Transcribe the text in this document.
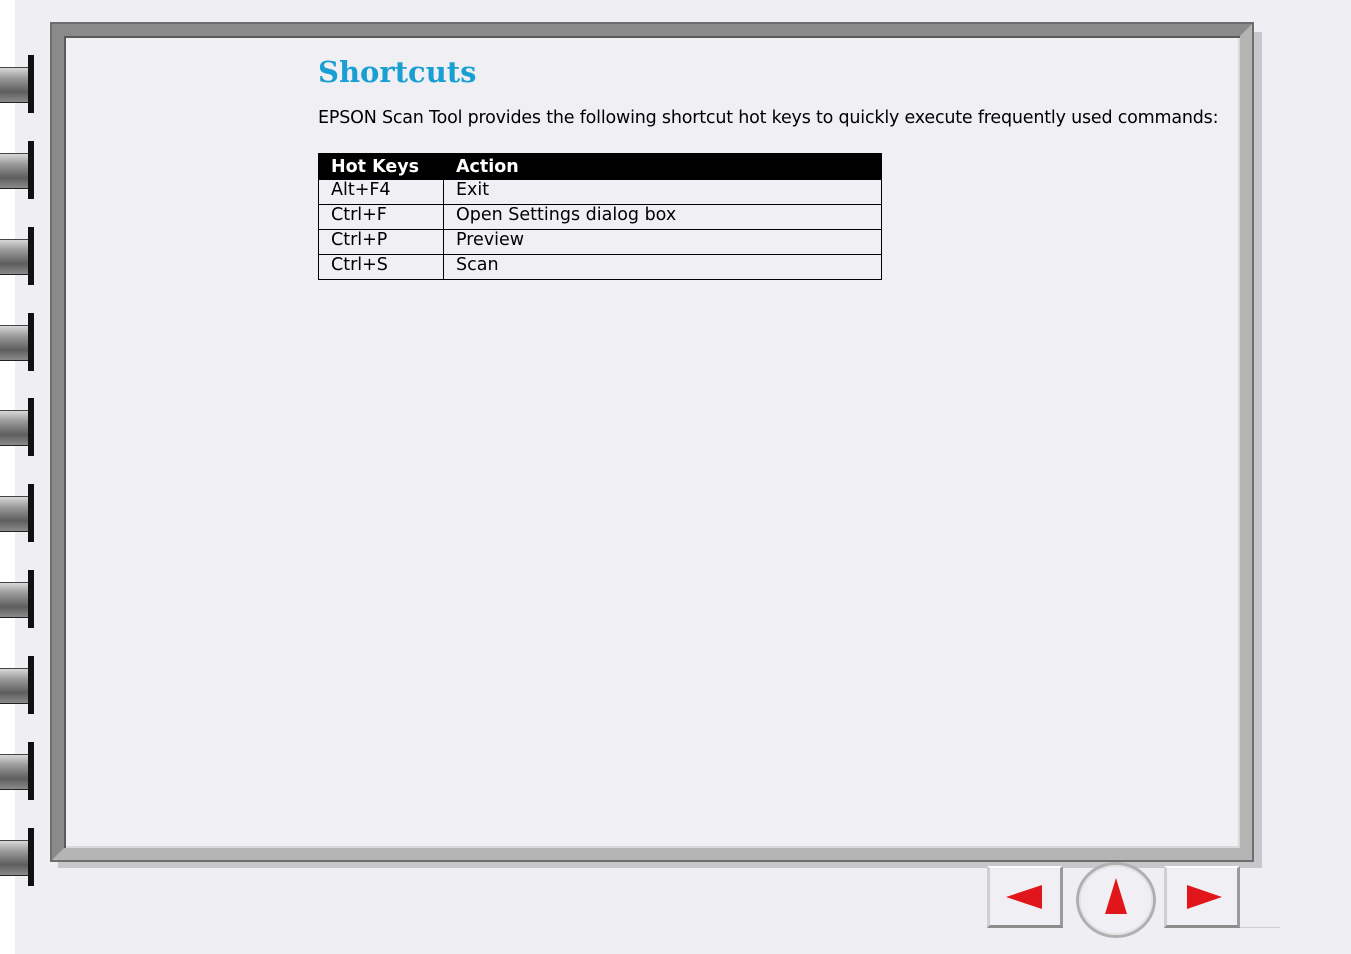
Shortcuts

EPSON Scan Tool provides the following shortcut hot keys to quickly execute frequently used commands:

Hot Keys	Action
Alt+F4	Exit
Ctrl+F	Open Settings dialog box
Ctrl+P	Preview
Ctrl+S	Scan
